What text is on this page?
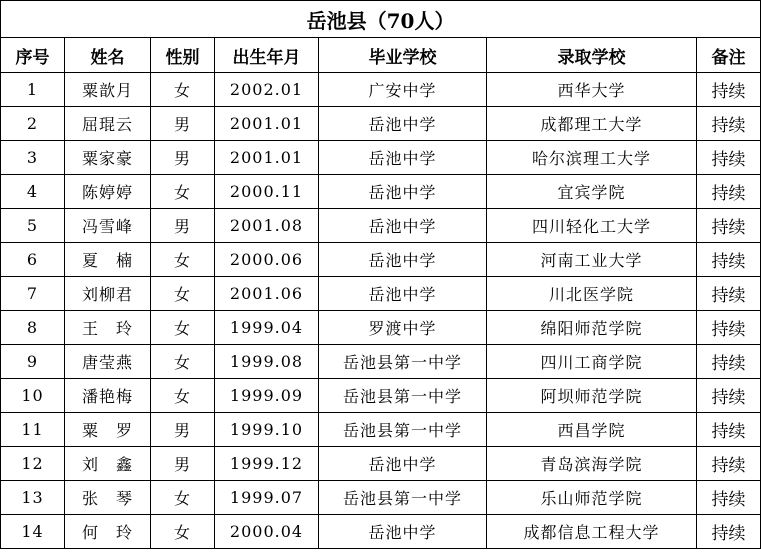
岳池县（70人）						
序号	姓名	性别	出生年月	毕业学校	录取学校	备注
1	粟歆月	女	2002.01	广安中学	西华大学	持续
2	屈琨云	男	2001.01	岳池中学	成都理工大学	持续
3	粟家豪	男	2001.01	岳池中学	哈尔滨理工大学	持续
4	陈婷婷	女	2000.11	岳池中学	宜宾学院	持续
5	冯雪峰	男	2001.08	岳池中学	四川轻化工大学	持续
6	夏　楠	女	2000.06	岳池中学	河南工业大学	持续
7	刘柳君	女	2001.06	岳池中学	川北医学院	持续
8	王　玲	女	1999.04	罗渡中学	绵阳师范学院	持续
9	唐莹燕	女	1999.08	岳池县第一中学	四川工商学院	持续
10	潘艳梅	女	1999.09	岳池县第一中学	阿坝师范学院	持续
11	粟　罗	男	1999.10	岳池县第一中学	西昌学院	持续
12	刘　鑫	男	1999.12	岳池中学	青岛滨海学院	持续
13	张　琴	女	1999.07	岳池县第一中学	乐山师范学院	持续
14	何　玲	女	2000.04	岳池中学	成都信息工程大学	持续
